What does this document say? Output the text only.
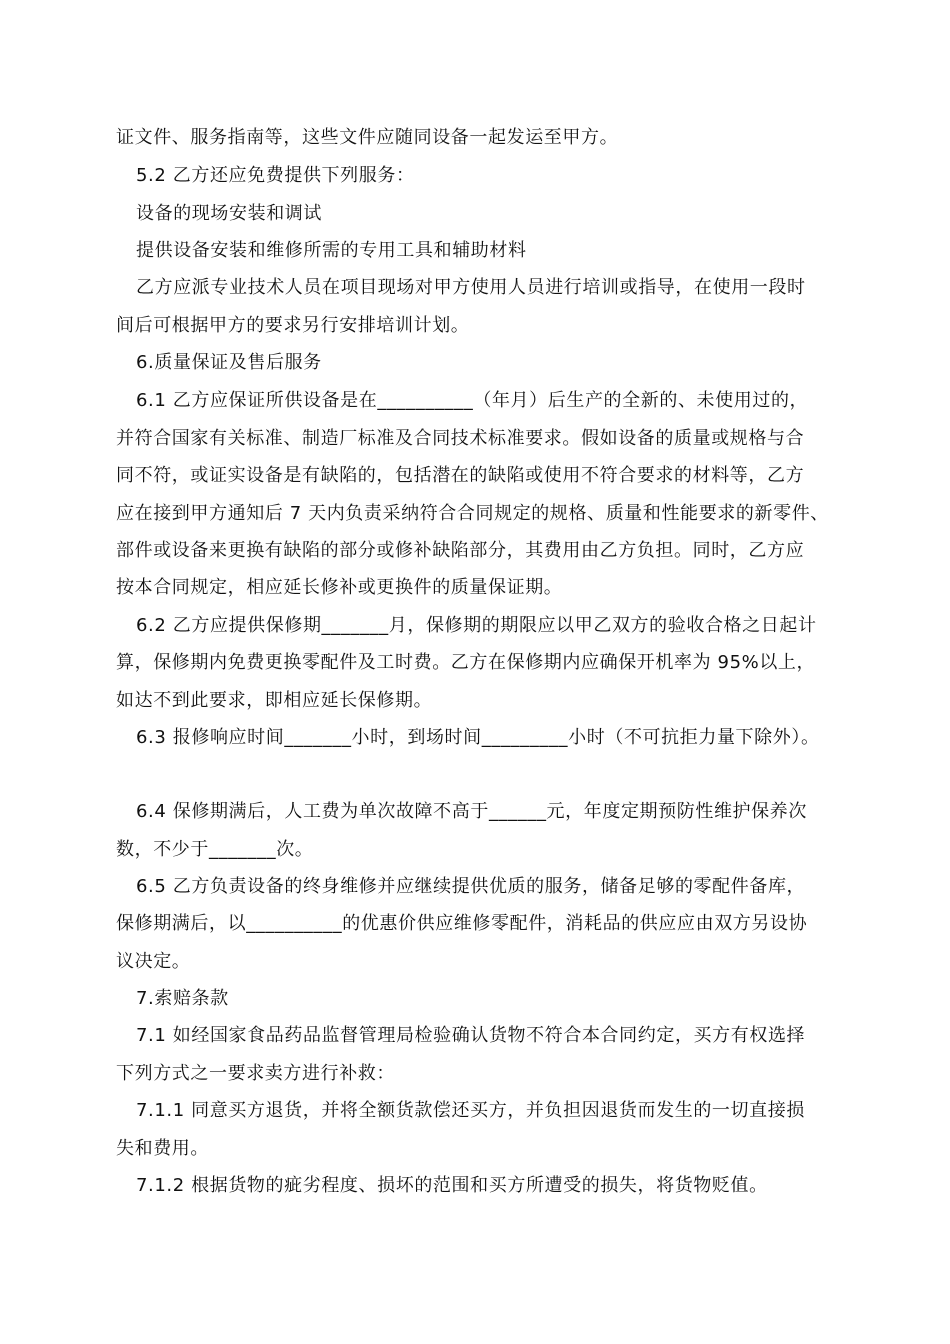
证文件、服务指南等，这些文件应随同设备一起发运至甲方。
5.2 乙方还应免费提供下列服务：
设备的现场安装和调试
提供设备安装和维修所需的专用工具和辅助材料
乙方应派专业技术人员在项目现场对甲方使用人员进行培训或指导，在使用一段时
间后可根据甲方的要求另行安排培训计划。
6.质量保证及售后服务
6.1 乙方应保证所供设备是在__________（年月）后生产的全新的、未使用过的，
并符合国家有关标准、制造厂标准及合同技术标准要求。假如设备的质量或规格与合
同不符，或证实设备是有缺陷的，包括潜在的缺陷或使用不符合要求的材料等，乙方
应在接到甲方通知后 7 天内负责采纳符合合同规定的规格、质量和性能要求的新零件、
部件或设备来更换有缺陷的部分或修补缺陷部分，其费用由乙方负担。同时，乙方应
按本合同规定，相应延长修补或更换件的质量保证期。
6.2 乙方应提供保修期_______月，保修期的期限应以甲乙双方的验收合格之日起计
算，保修期内免费更换零配件及工时费。乙方在保修期内应确保开机率为 95%以上，
如达不到此要求，即相应延长保修期。
6.3 报修响应时间_______小时，到场时间_________小时（不可抗拒力量下除外）。
6.4 保修期满后，人工费为单次故障不高于______元，年度定期预防性维护保养次
数，不少于_______次。
6.5 乙方负责设备的终身维修并应继续提供优质的服务，储备足够的零配件备库，
保修期满后，以__________的优惠价供应维修零配件，消耗品的供应应由双方另设协
议决定。
7.索赔条款
7.1 如经国家食品药品监督管理局检验确认货物不符合本合同约定，买方有权选择
下列方式之一要求卖方进行补救：
7.1.1 同意买方退货，并将全额货款偿还买方，并负担因退货而发生的一切直接损
失和费用。
7.1.2 根据货物的疵劣程度、损坏的范围和买方所遭受的损失，将货物贬值。
